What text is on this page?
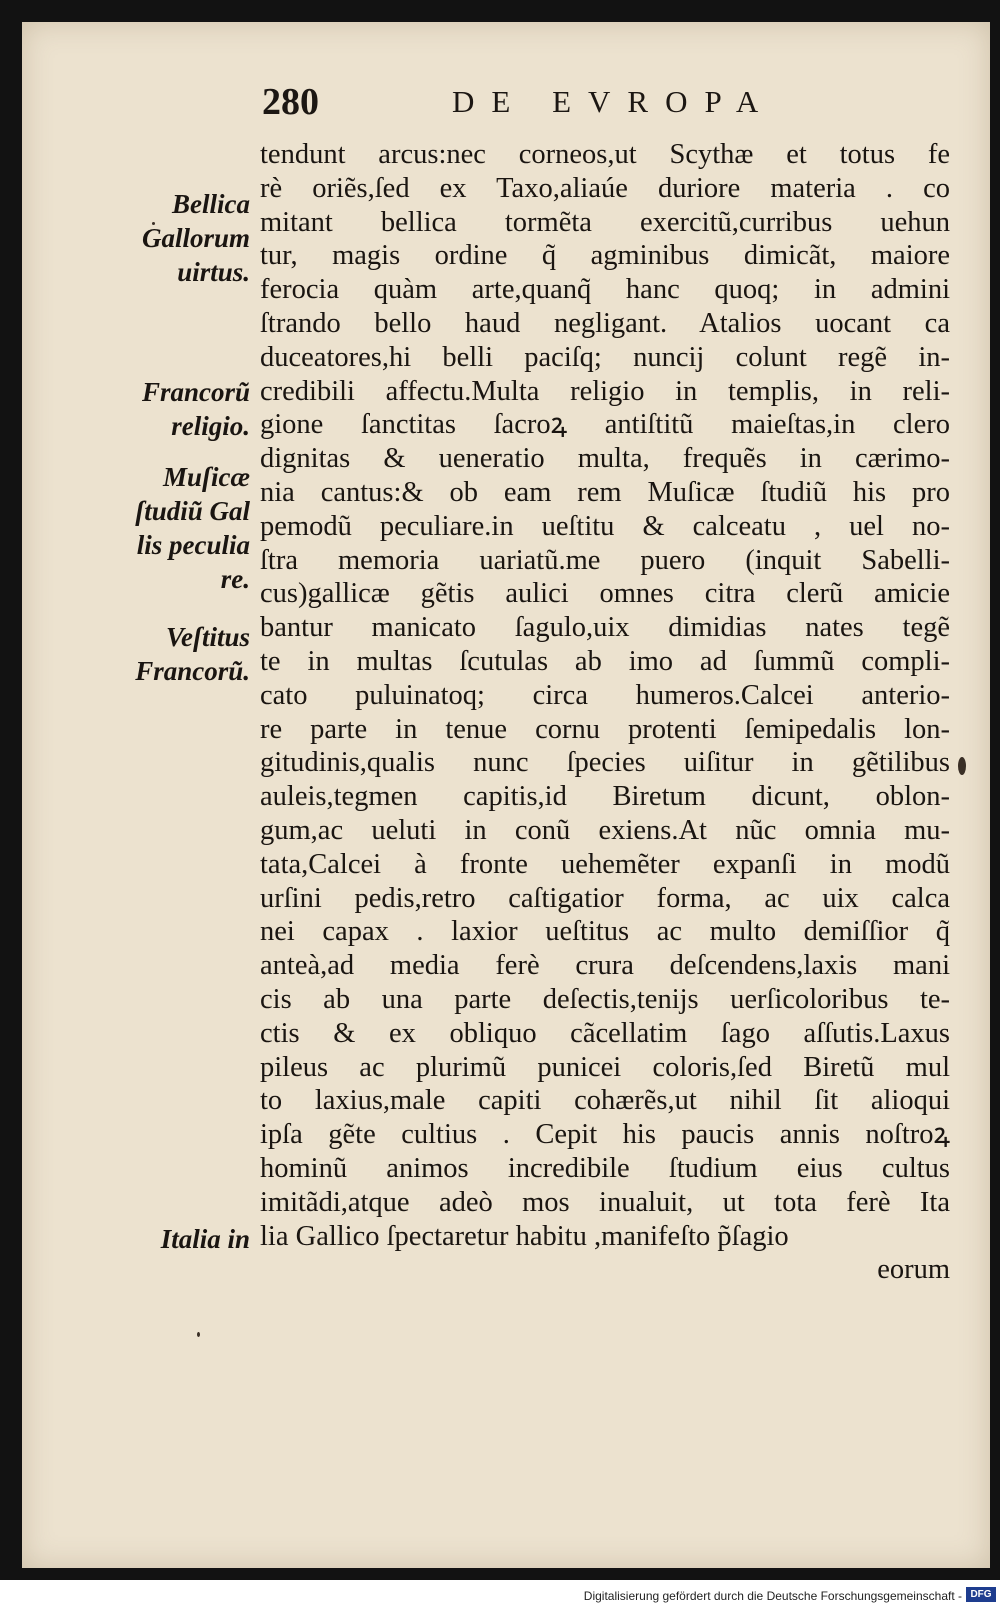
280	DE EVROPA
tendunt arcus:nec corneos,ut Scythæ et totus fe
rè oriẽs,ſed ex Taxo,aliaúe duriore materia . co
mitant bellica tormẽta exercitũ,curribus uehun
tur, magis ordine q̃ agminibus dimicãt, maiore
ferocia quàm arte,quanq̃ hanc quoq; in admini
ſtrando bello haud negligant. Atalios uocant ca
duceatores,hi belli paciſq; nuncij colunt regẽ in-
credibili affectu.Multa religio in templis, in reli-
gione ſanctitas ſacroꝝ antiſtitũ maieſtas,in clero
dignitas & ueneratio multa, frequẽs in cærimo-
nia cantus:& ob eam rem Muſicæ ſtudiũ his pro
pemodũ peculiare.in ueſtitu & calceatu , uel no-
ſtra memoria uariatũ.me puero (inquit Sabelli-
cus)gallicæ gẽtis aulici omnes citra clerũ amicie
bantur manicato ſagulo,uix dimidias nates tegẽ
te in multas ſcutulas ab imo ad ſummũ compli-
cato puluinatoq; circa humeros.Calcei anterio-
re parte in tenue cornu protenti ſemipedalis lon-
gitudinis,qualis nunc ſpecies uiſitur in gẽtilibus
auleis,tegmen capitis,id Biretum dicunt, oblon-
gum,ac ueluti in conũ exiens.At nũc omnia mu-
tata,Calcei à fronte uehemẽter expanſi in modũ
urſini pedis,retro caſtigatior forma, ac uix calca
nei capax . laxior ueſtitus ac multo demiſſior q̃
anteà,ad media ferè crura deſcendens,laxis mani
cis ab una parte deſectis,tenijs uerſicoloribus te-
ctis & ex obliquo cãcellatim ſago aſſutis.Laxus
pileus ac plurimũ punicei coloris,ſed Biretũ mul
to laxius,male capiti cohærẽs,ut nihil ſit alioqui
ipſa gẽte cultius . Cepit his paucis annis noſtroꝝ
hominũ animos incredibile ſtudium eius cultus
imitãdi,atque adeò mos inualuit, ut tota ferè Ita
lia Gallico ſpectaretur habitu ,manifeſto p̃ſagio
eorum
Bellica
Gallorum
uirtus.
Francorũ
religio.
Muſicæ
ſtudiũ Gal
lis peculia
re.
Veſtitus
Francorũ.
Italia in
Digitalisierung gefördert durch die Deutsche Forschungsgemeinschaft - DFG
